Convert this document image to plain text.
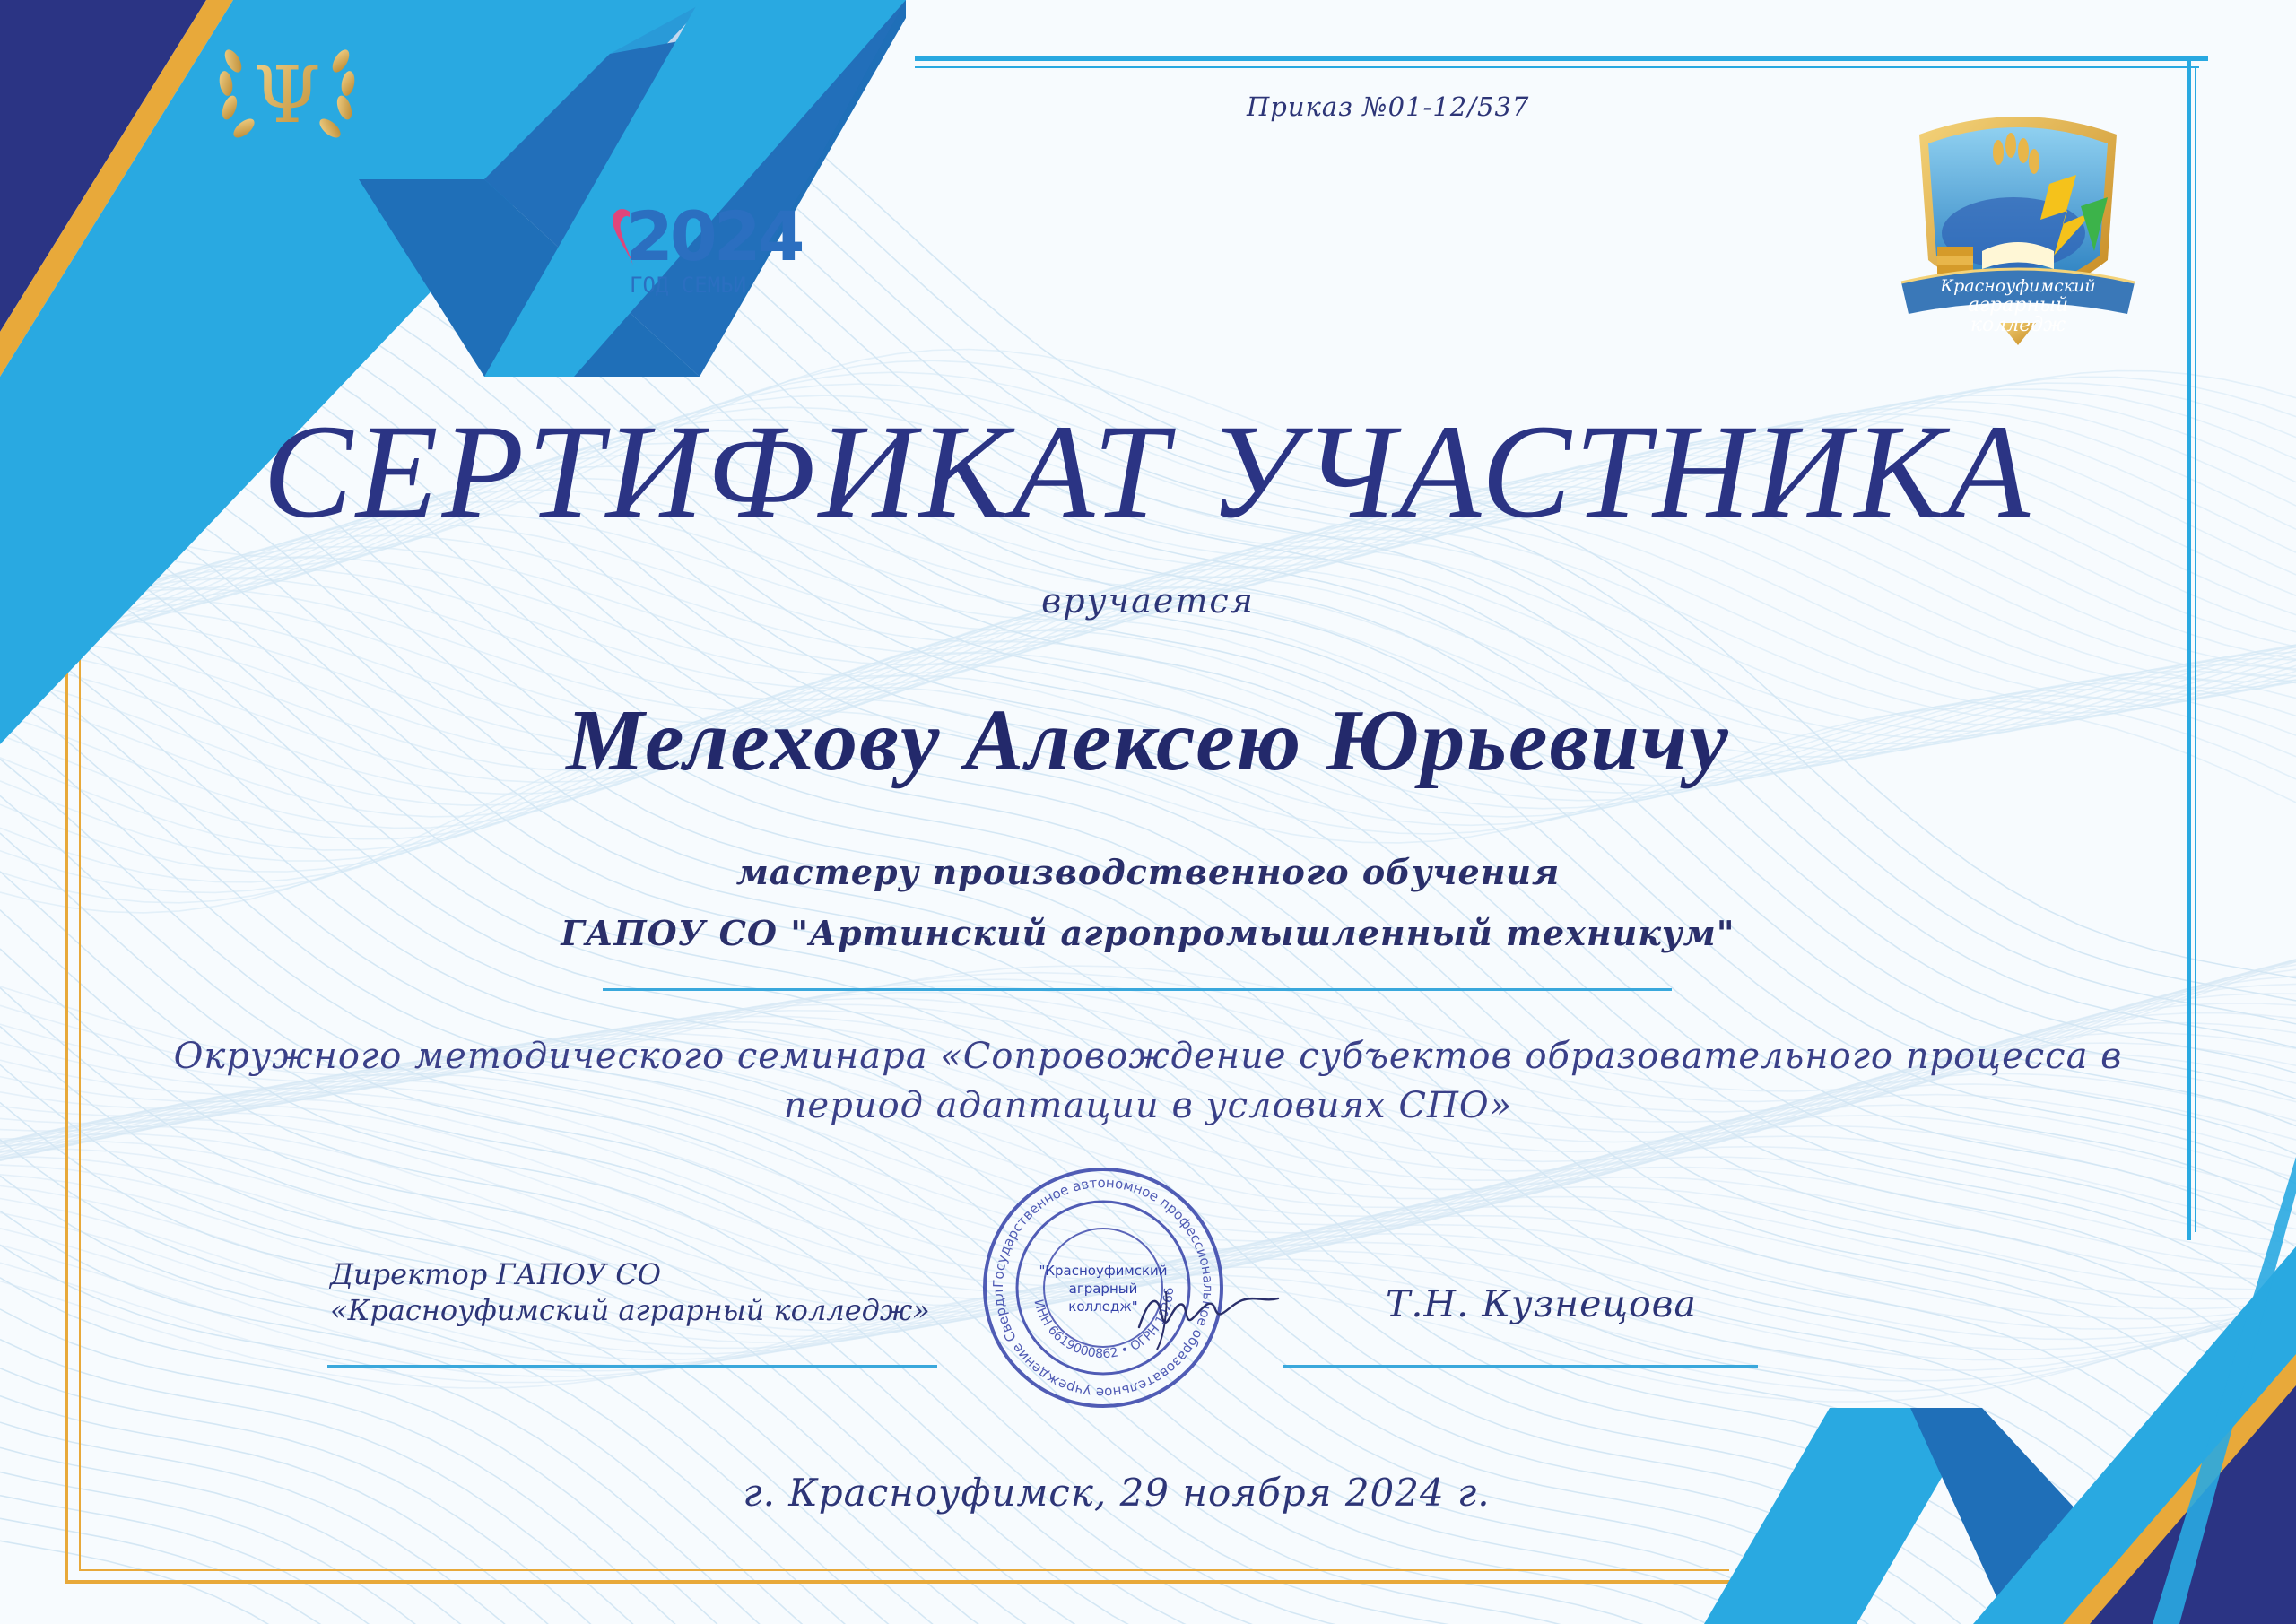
Ψ
2024
ГОД СЕМЬИ
Приказ №01-12/537
Красноуфимский
аграрный колледж
СЕРТИФИКАТ УЧАСТНИКА
вручается
Мелехову Алексею Юрьевичу
мастеру производственного обучения
ГАПОУ СО "Артинский агропромышленный техникум"
Окружного методического семинара «Сопровождение субъектов образовательного процесса в
период адаптации в условиях СПО»
Директор ГАПОУ СО
«Красноуфимский аграрный колледж»	Т.Н. Кузнецова
Государственное автономное профессиональное образовательное учреждение Свердл
ИНН 6619000862 • ОГРН 10266
"Красноуфимский
аграрный
колледж"
г. Красноуфимск, 29 ноября 2024 г.
